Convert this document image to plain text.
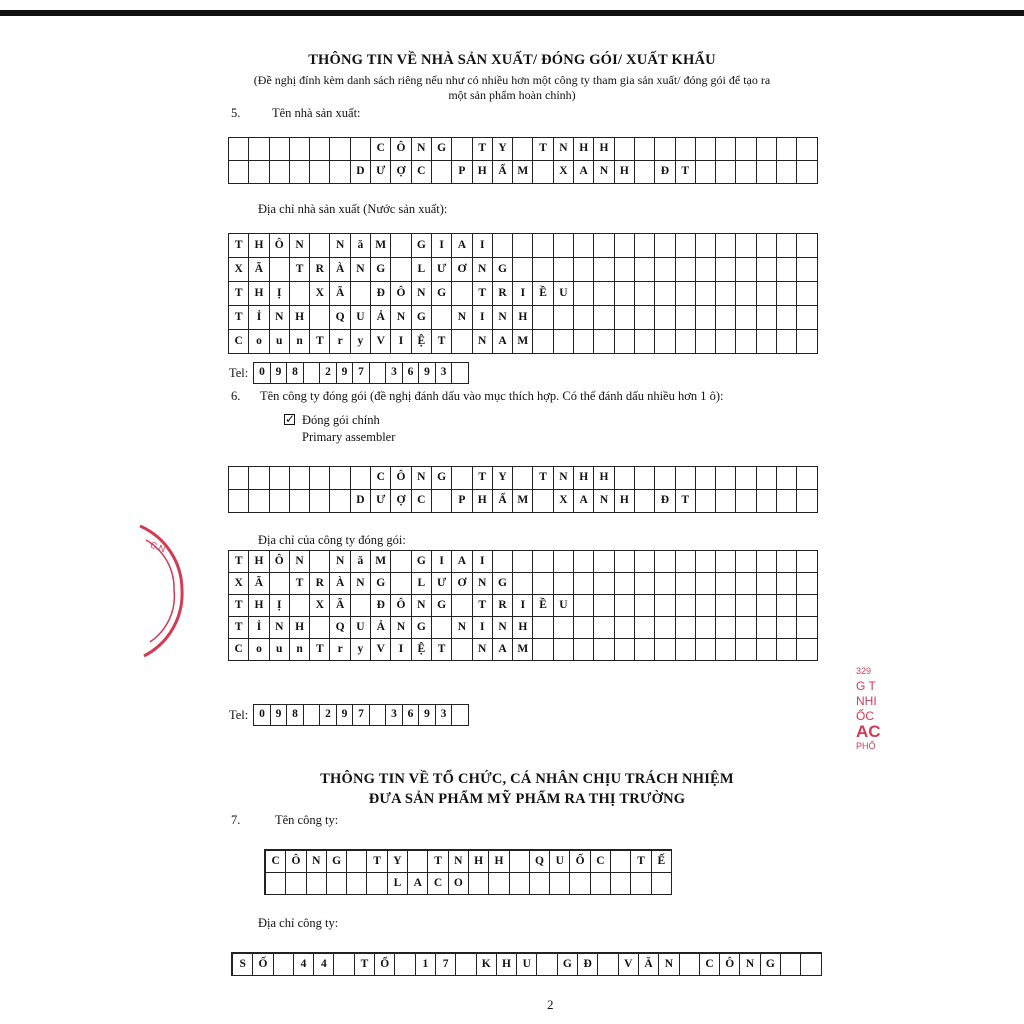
THÔNG TIN VỀ NHÀ SẢN XUẤT/ ĐÓNG GÓI/ XUẤT KHẨU
(Đề nghị đính kèm danh sách riêng nếu như có nhiều hơn một công ty tham gia sản xuất/ đóng gói để tạo ra
một sản phẩm hoàn chỉnh)
5.	Tên nhà sản xuất:
C	Ô	N	G	T	Y	T	N	H H
D	Ư Ợ	C	P	H	Ẩ M	X	A	N	H	Đ	T
Địa chỉ nhà sản xuất (Nước sản xuất):
T	H Ô	N	N	ă	M	G	I	A	I
X	Ã	T	R	À	N	G	L	Ư Ơ	N	G
T	H	Ị	X	Ã	Đ	Ô	N	G	T	R	I	Ề	U
T	Ỉ	N	H	Q	U	Ả	N	G	N	I	N	H
C	o	u	n	T	r	y	V	I	Ệ	T	N	A M
Tel: 0 9 8	2 9 7	3 6 9 3
6. Tên công ty đóng gói (đề nghị đánh dấu vào mục thích hợp. Có thể đánh dấu nhiều hơn 1 ô):
✓ Đóng gói chính
Primary assembler
C	Ô	N	G	T	Y	T	N	H H
D	Ư Ợ	C	P	H	Ẩ M	X	A	N	H	Đ	T
Địa chỉ của công ty đóng gói:
T	H Ô	N	N	ă	M	G	I	A	I
X	Ã	T	R	À	N	G	L	Ư Ơ	N	G
T	H	Ị	X	Ã	Đ	Ô	N	G	T	R	I	Ề	U
T	Ỉ	N	H	Q	U	Ả	N	G	N	I	N	H
C	o	u	n	T	r	y	V	I	Ệ	T	N	A M
Tel: 0 9 8	2 9 7	3 6 9 3
THÔNG TIN VỀ TỔ CHỨC, CÁ NHÂN CHỊU TRÁCH NHIỆM
ĐƯA SẢN PHẨM MỸ PHẨM RA THỊ TRƯỜNG
7.	Tên công ty:
C	Ô	N	G	T	Y	T	N	H H	Q	U	Ố	C	T	Ế
L	A	C	O
Địa chỉ công ty:
S	Ố	4	4	T	Ổ	1	7	K H	U	G	Đ	V	Ă	N	C	Ô	N	G
2
C.N
329
G T
NHI
ỐC
AC
PHỐ
